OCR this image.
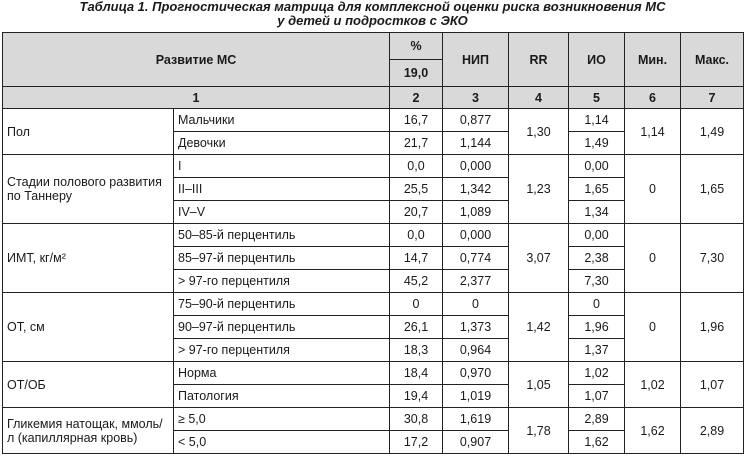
Таблица 1. Прогностическая матрица для комплексной оценки риска возникновения МС
у детей и подростков с ЭКО
Развитие МС		%	НИП	RR	ИО	Мин.	Макс.
		19,0					
1		2	3	4	5	6	7
Пол	Мальчики	16,7	0,877	1,30	1,14	1,14	1,49
	Девочки	21,7	1,144		1,49		
Стадии полового развития по Таннеру	I	0,0	0,000	1,23	0,00	0	1,65
	II–III	25,5	1,342		1,65		
	IV–V	20,7	1,089		1,34		
ИМТ, кг/м²	50–85-й перцентиль	0,0	0,000	3,07	0,00	0	7,30
	85–97-й перцентиль	14,7	0,774		2,38		
	> 97-го перцентиля	45,2	2,377		7,30		
ОТ, см	75–90-й перцентиль	0	0	1,42	0	0	1,96
	90–97-й перцентиль	26,1	1,373		1,96		
	> 97-го перцентиля	18,3	0,964		1,37		
ОТ/ОБ	Норма	18,4	0,970	1,05	1,02	1,02	1,07
	Патология	19,4	1,019		1,07		
Гликемия натощак, ммоль/л (капиллярная кровь)	≥ 5,0	30,8	1,619	1,78	2,89	1,62	2,89
	< 5,0	17,2	0,907		1,62		
